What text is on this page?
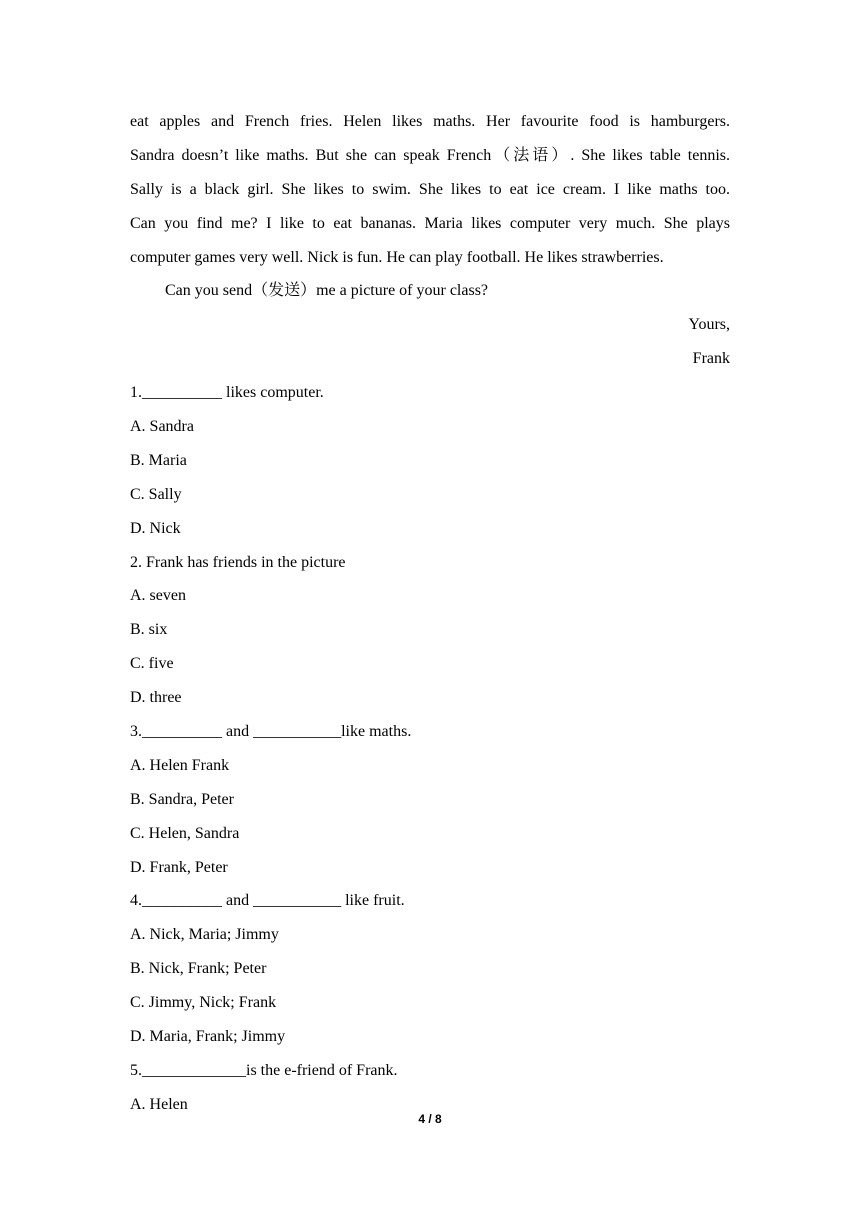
eat apples and French fries. Helen likes maths. Her favourite food is hamburgers.
Sandra doesn’t like maths. But she can speak French（法语）. She likes table tennis.
Sally is a black girl. She likes to swim. She likes to eat ice cream. I like maths too.
Can you find me? I like to eat bananas. Maria likes computer very much. She plays
computer games very well. Nick is fun. He can play football. He likes strawberries.
Can you send（发送）me a picture of your class?
Yours,
Frank
1.__________ likes computer.
A. Sandra
B. Maria
C. Sally
D. Nick
2. Frank has friends in the picture
A. seven
B. six
C. five
D. three
3.__________ and ___________like maths.
A. Helen Frank
B. Sandra, Peter
C. Helen, Sandra
D. Frank, Peter
4.__________ and ___________ like fruit.
A. Nick, Maria; Jimmy
B. Nick, Frank; Peter
C. Jimmy, Nick; Frank
D. Maria, Frank; Jimmy
5._____________is the e-friend of Frank.
A. Helen
4 / 8
